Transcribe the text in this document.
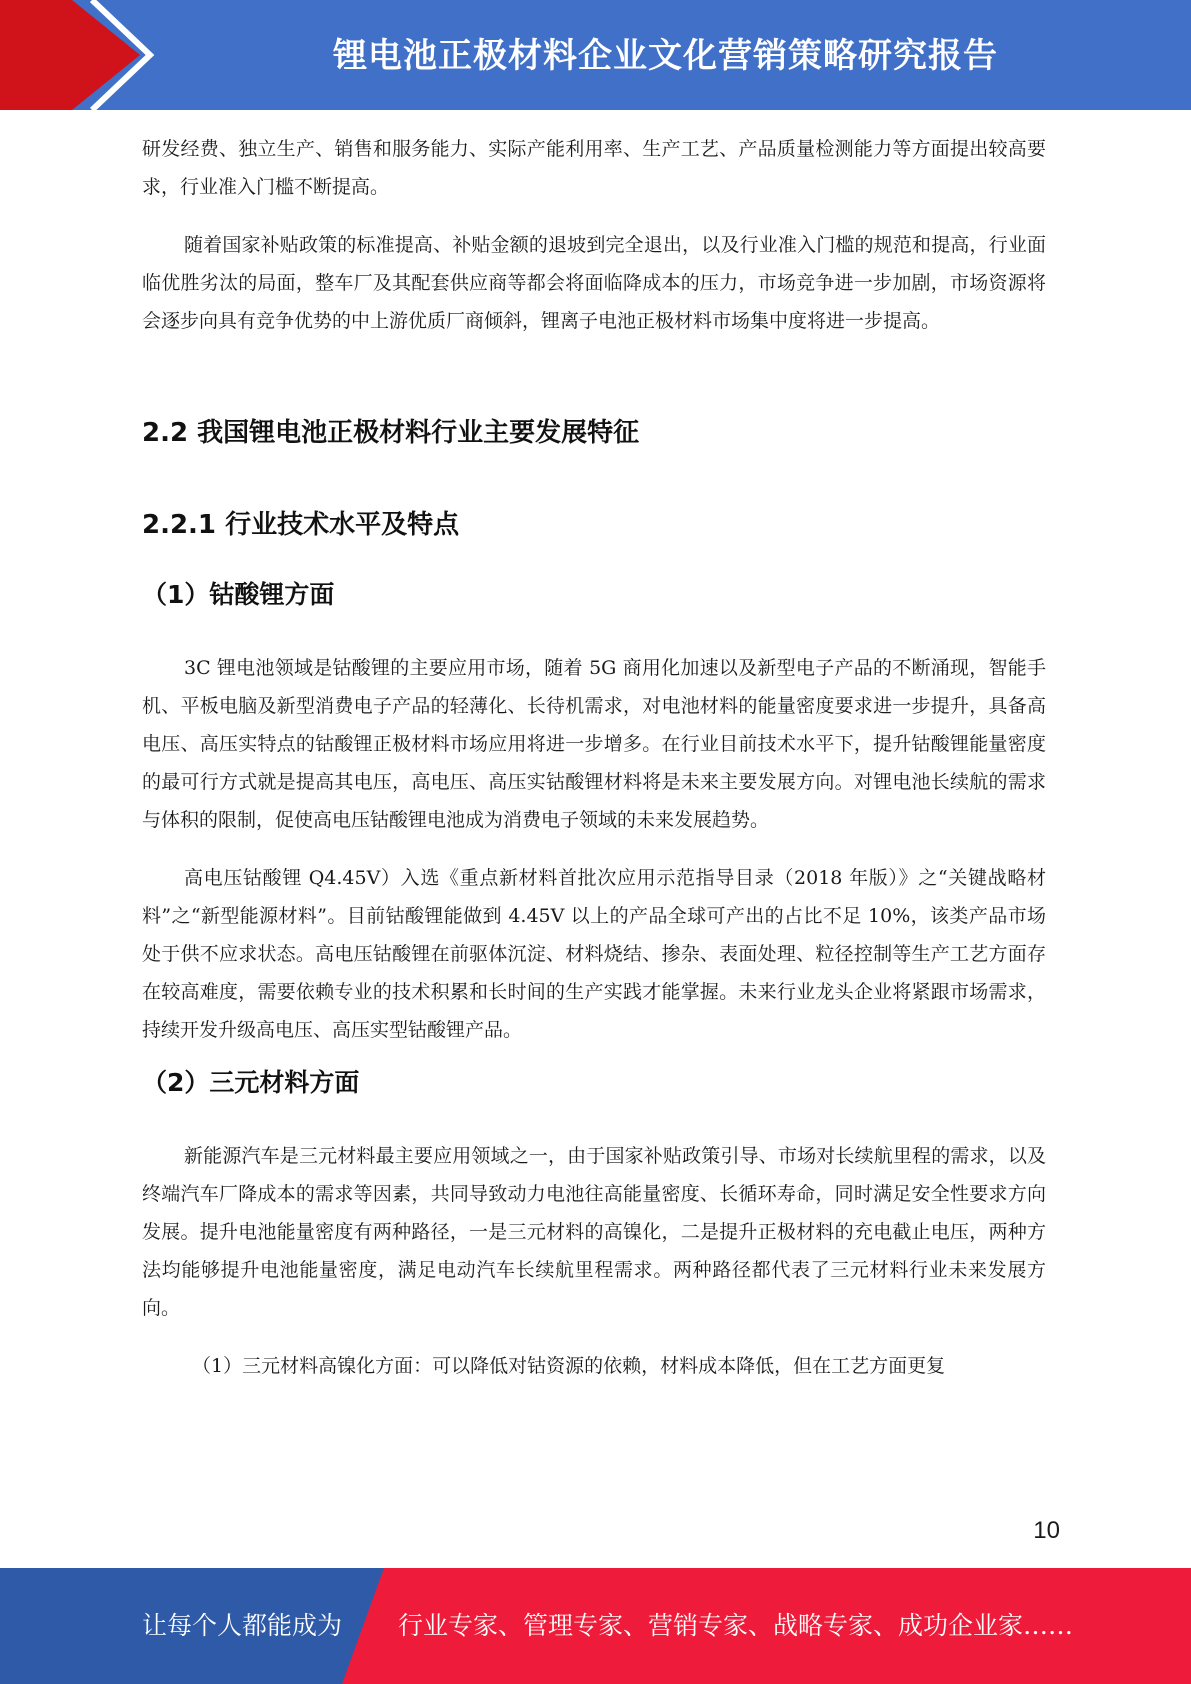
锂电池正极材料企业文化营销策略研究报告

研发经费、独立生产、销售和服务能力、实际产能利用率、生产工艺、产品质量检测能力等方面提出较高要求，行业准入门槛不断提高。

随着国家补贴政策的标准提高、补贴金额的退坡到完全退出，以及行业准入门槛的规范和提高，行业面临优胜劣汰的局面，整车厂及其配套供应商等都会将面临降成本的压力，市场竞争进一步加剧，市场资源将会逐步向具有竞争优势的中上游优质厂商倾斜，锂离子电池正极材料市场集中度将进一步提高。

2.2 我国锂电池正极材料行业主要发展特征
2.2.1 行业技术水平及特点
（1）钴酸锂方面

3C 锂电池领域是钴酸锂的主要应用市场，随着 5G 商用化加速以及新型电子产品的不断涌现，智能手机、平板电脑及新型消费电子产品的轻薄化、长待机需求，对电池材料的能量密度要求进一步提升，具备高电压、高压实特点的钴酸锂正极材料市场应用将进一步增多。在行业目前技术水平下，提升钴酸锂能量密度的最可行方式就是提高其电压，高电压、高压实钴酸锂材料将是未来主要发展方向。对锂电池长续航的需求与体积的限制，促使高电压钴酸锂电池成为消费电子领域的未来发展趋势。

高电压钴酸锂 Q4.45V）入选《重点新材料首批次应用示范指导目录（2018 年版）》之“关键战略材料”之“新型能源材料”。目前钴酸锂能做到 4.45V 以上的产品全球可产出的占比不足 10%，该类产品市场处于供不应求状态。高电压钴酸锂在前驱体沉淀、材料烧结、掺杂、表面处理、粒径控制等生产工艺方面存在较高难度，需要依赖专业的技术积累和长时间的生产实践才能掌握。未来行业龙头企业将紧跟市场需求，持续开发升级高电压、高压实型钴酸锂产品。

（2）三元材料方面

新能源汽车是三元材料最主要应用领域之一，由于国家补贴政策引导、市场对长续航里程的需求，以及终端汽车厂降成本的需求等因素，共同导致动力电池往高能量密度、长循环寿命，同时满足安全性要求方向发展。提升电池能量密度有两种路径，一是三元材料的高镍化，二是提升正极材料的充电截止电压，两种方法均能够提升电池能量密度，满足电动汽车长续航里程需求。两种路径都代表了三元材料行业未来发展方向。

（1）三元材料高镍化方面：可以降低对钴资源的依赖，材料成本降低，但在工艺方面更复

10
让每个人都能成为 行业专家、管理专家、营销专家、战略专家、成功企业家……
